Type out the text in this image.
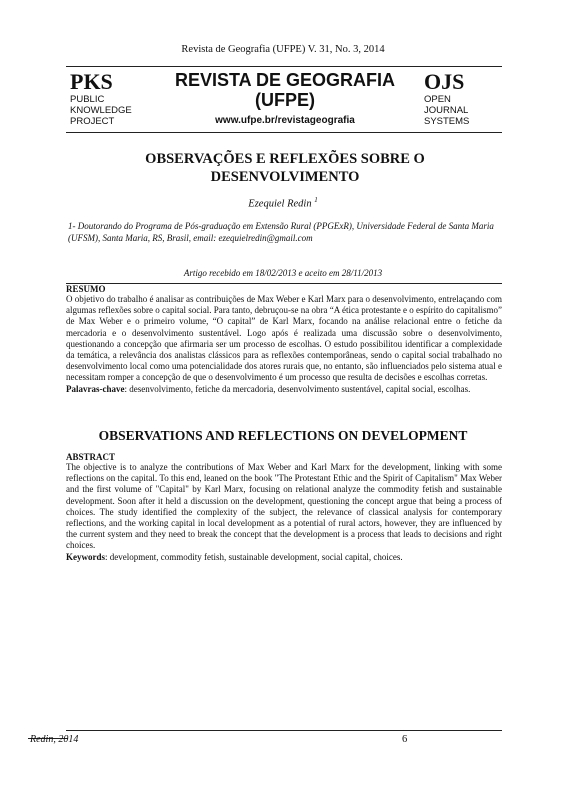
Revista de Geografia (UFPE) V. 31, No. 3, 2014
PKS
PUBLIC
KNOWLEDGE
PROJECT
REVISTA DE GEOGRAFIA
(UFPE)
www.ufpe.br/revistageografia
OJS
OPEN
JOURNAL
SYSTEMS
OBSERVAÇÕES E REFLEXÕES SOBRE O
DESENVOLVIMENTO
Ezequiel Redin $^1$
1- Doutorando do Programa de Pós-graduação em Extensão Rural (PPGExR), Universidade Federal de Santa Maria (UFSM), Santa Maria, RS, Brasil, email: ezequielredin@gmail.com
Artigo recebido em 18/02/2013 e aceito em 28/11/2013
RESUMO
O objetivo do trabalho é analisar as contribuições de Max Weber e Karl Marx para o desenvolvimento, entrelaçando com algumas reflexões sobre o capital social. Para tanto, debruçou-se na obra “A ética protestante e o espírito do capitalismo” de Max Weber e o primeiro volume, “O capital” de Karl Marx, focando na análise relacional entre o fetiche da mercadoria e o desenvolvimento sustentável. Logo após é realizada uma discussão sobre o desenvolvimento, questionando a concepção que afirmaria ser um processo de escolhas. O estudo possibilitou identificar a complexidade da temática, a relevância dos analistas clássicos para as reflexões contemporâneas, sendo o capital social trabalhado no desenvolvimento local como uma potencialidade dos atores rurais que, no entanto, são influenciados pelo sistema atual e necessitam romper a concepção de que o desenvolvimento é um processo que resulta de decisões e escolhas corretas.
Palavras-chave: desenvolvimento, fetiche da mercadoria, desenvolvimento sustentável, capital social, escolhas.
OBSERVATIONS AND REFLECTIONS ON DEVELOPMENT
ABSTRACT
The objective is to analyze the contributions of Max Weber and Karl Marx for the development, linking with some reflections on the capital. To this end, leaned on the book "The Protestant Ethic and the Spirit of Capitalism" Max Weber and the first volume of "Capital" by Karl Marx, focusing on relational analyze the commodity fetish and sustainable development. Soon after it held a discussion on the development, questioning the concept argue that being a process of choices. The study identified the complexity of the subject, the relevance of classical analysis for contemporary reflections, and the working capital in local development as a potential of rural actors, however, they are influenced by the current system and they need to break the concept that the development is a process that leads to decisions and right choices.
Keywords: development, commodity fetish, sustainable development, social capital, choices.
Redin, 2014	6
